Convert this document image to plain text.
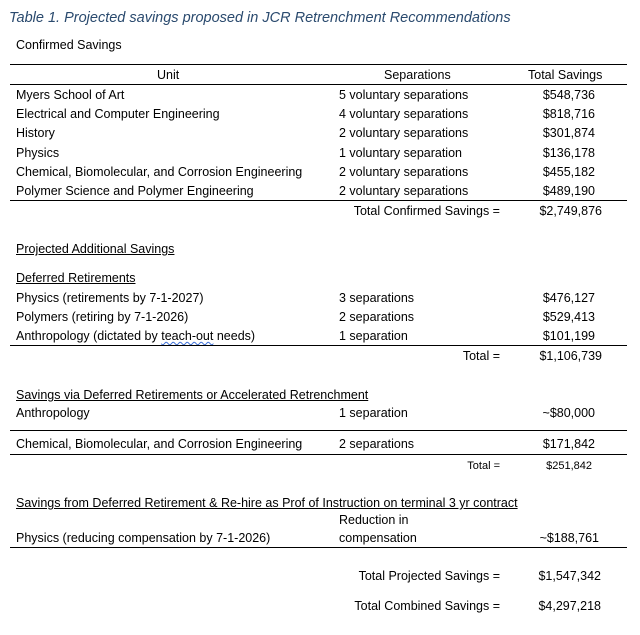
Table 1. Projected savings proposed in JCR Retrenchment Recommendations
Confirmed Savings
Unit	Separations	Total Savings
Myers School of Art	5 voluntary separations	$548,736
Electrical and Computer Engineering	4 voluntary separations	$818,716
History	2 voluntary separations	$301,874
Physics	1 voluntary separation	$136,178
Chemical, Biomolecular, and Corrosion Engineering	2 voluntary separations	$455,182
Polymer Science and Polymer Engineering	2 voluntary separations	$489,190
Total Confirmed Savings =	$2,749,876
Projected Additional Savings
Deferred Retirements
Physics (retirements by 7-1-2027)	3 separations	$476,127
Polymers (retiring by 7-1-2026)	2 separations	$529,413
Anthropology (dictated by teach-out needs)	1 separation	$101,199
Total =	$1,106,739
Savings via Deferred Retirements or Accelerated Retrenchment
Anthropology	1 separation	~$80,000
Chemical, Biomolecular, and Corrosion Engineering	2 separations	$171,842
Total =	$251,842
Savings from Deferred Retirement & Re-hire as Prof of Instruction on terminal 3 yr contract
Reduction in
Physics (reducing compensation by 7-1-2026)	compensation	~$188,761
Total Projected Savings =	$1,547,342
Total Combined Savings =	$4,297,218
